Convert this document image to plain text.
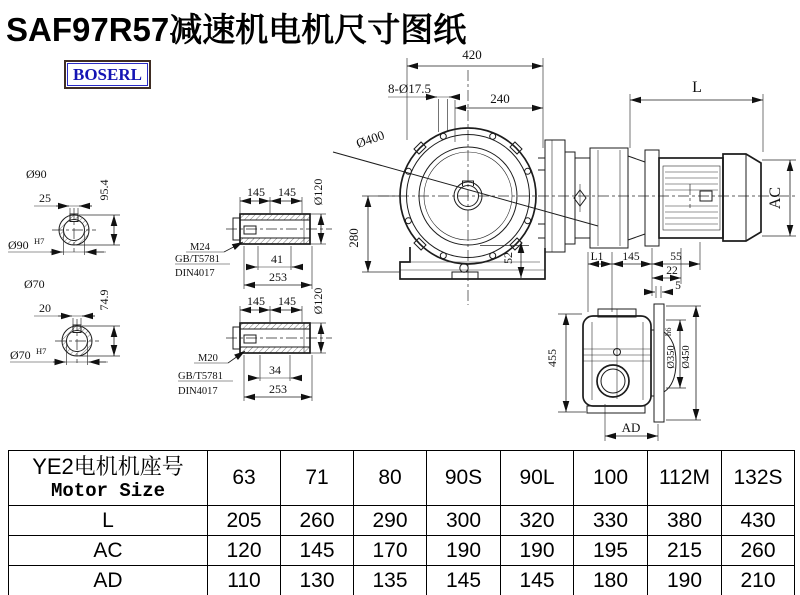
SAF97R57减速机电机尺寸图纸
BOSERL
420
8-Ø17.5
240
Ø400
280
52
L
AC
L1 145	55
22
5
455	Ø350
h6
Ø450
AD
Ø90
25	95.4
Ø90 H7
Ø70
20	74.9
Ø70 H7
145 145 Ø120
41
253
M24
GB/T5781
DIN4017
145 145 Ø120
34
253
M20
GB/T5781
DIN4017
YE2电机机座号
Motor Size	63	71	80	90S	90L	100	112M	132S
L	205	260	290	300	320	330	380	430
AC	120	145	170	190	190	195	215	260
AD	110	130	135	145	145	180	190	210
